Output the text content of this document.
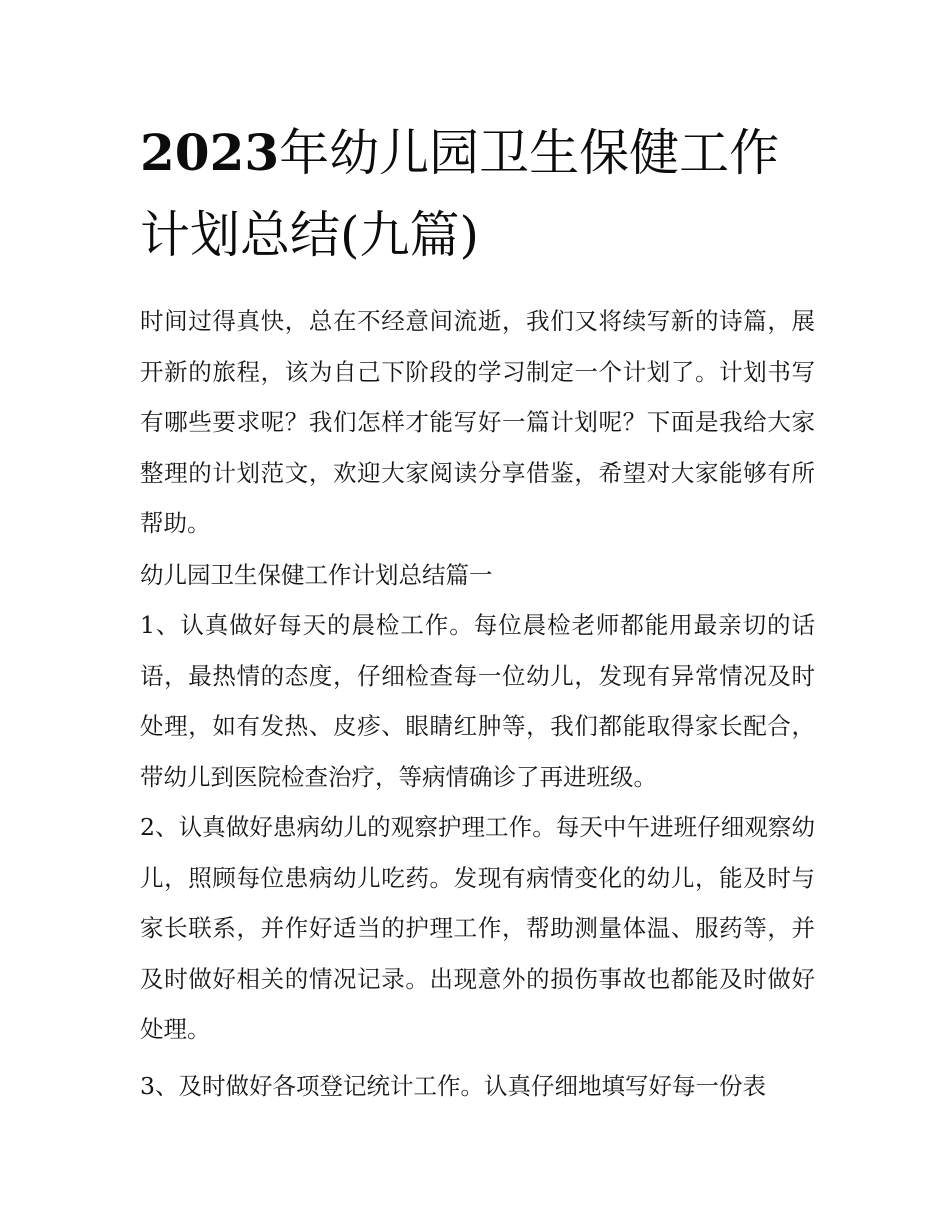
2023年幼儿园卫生保健工作计划总结(九篇)

时间过得真快，总在不经意间流逝，我们又将续写新的诗篇，展开新的旅程，该为自己下阶段的学习制定一个计划了。计划书写有哪些要求呢？我们怎样才能写好一篇计划呢？下面是我给大家整理的计划范文，欢迎大家阅读分享借鉴，希望对大家能够有所帮助。

幼儿园卫生保健工作计划总结篇一

1、认真做好每天的晨检工作。每位晨检老师都能用最亲切的话语，最热情的态度，仔细检查每一位幼儿，发现有异常情况及时处理，如有发热、皮疹、眼睛红肿等，我们都能取得家长配合，带幼儿到医院检查治疗，等病情确诊了再进班级。

2、认真做好患病幼儿的观察护理工作。每天中午进班仔细观察幼儿，照顾每位患病幼儿吃药。发现有病情变化的幼儿，能及时与家长联系，并作好适当的护理工作，帮助测量体温、服药等，并及时做好相关的情况记录。出现意外的损伤事故也都能及时做好处理。

3、及时做好各项登记统计工作。认真仔细地填写好每一份表
